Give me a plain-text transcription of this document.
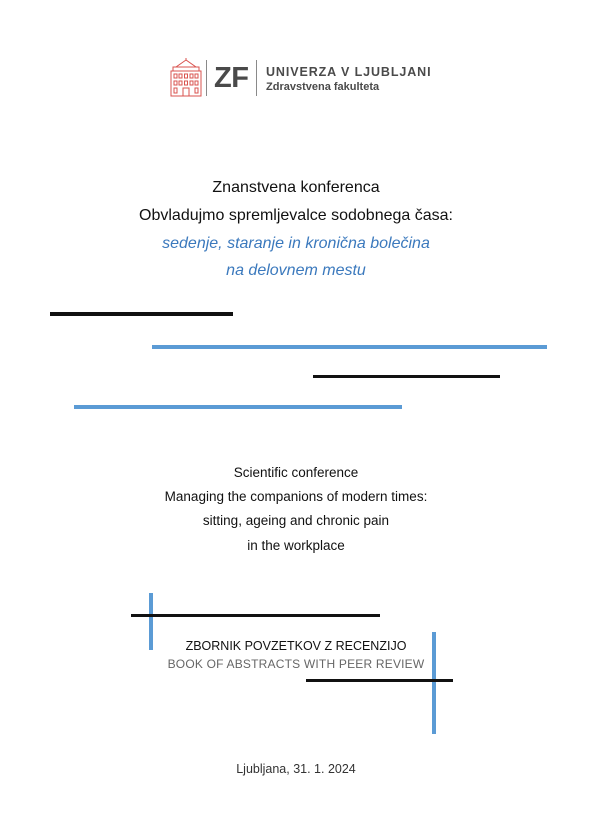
ZF UNIVERZA V LJUBLJANI
Zdravstvena fakulteta
Znanstvena konferenca
Obvladujmo spremljevalce sodobnega časa:
sedenje, staranje in kronična bolečina
na delovnem mestu
Scientific conference
Managing the companions of modern times:
sitting, ageing and chronic pain
in the workplace
ZBORNIK POVZETKOV Z RECENZIJO
BOOK OF ABSTRACTS WITH PEER REVIEW
Ljubljana, 31. 1. 2024
